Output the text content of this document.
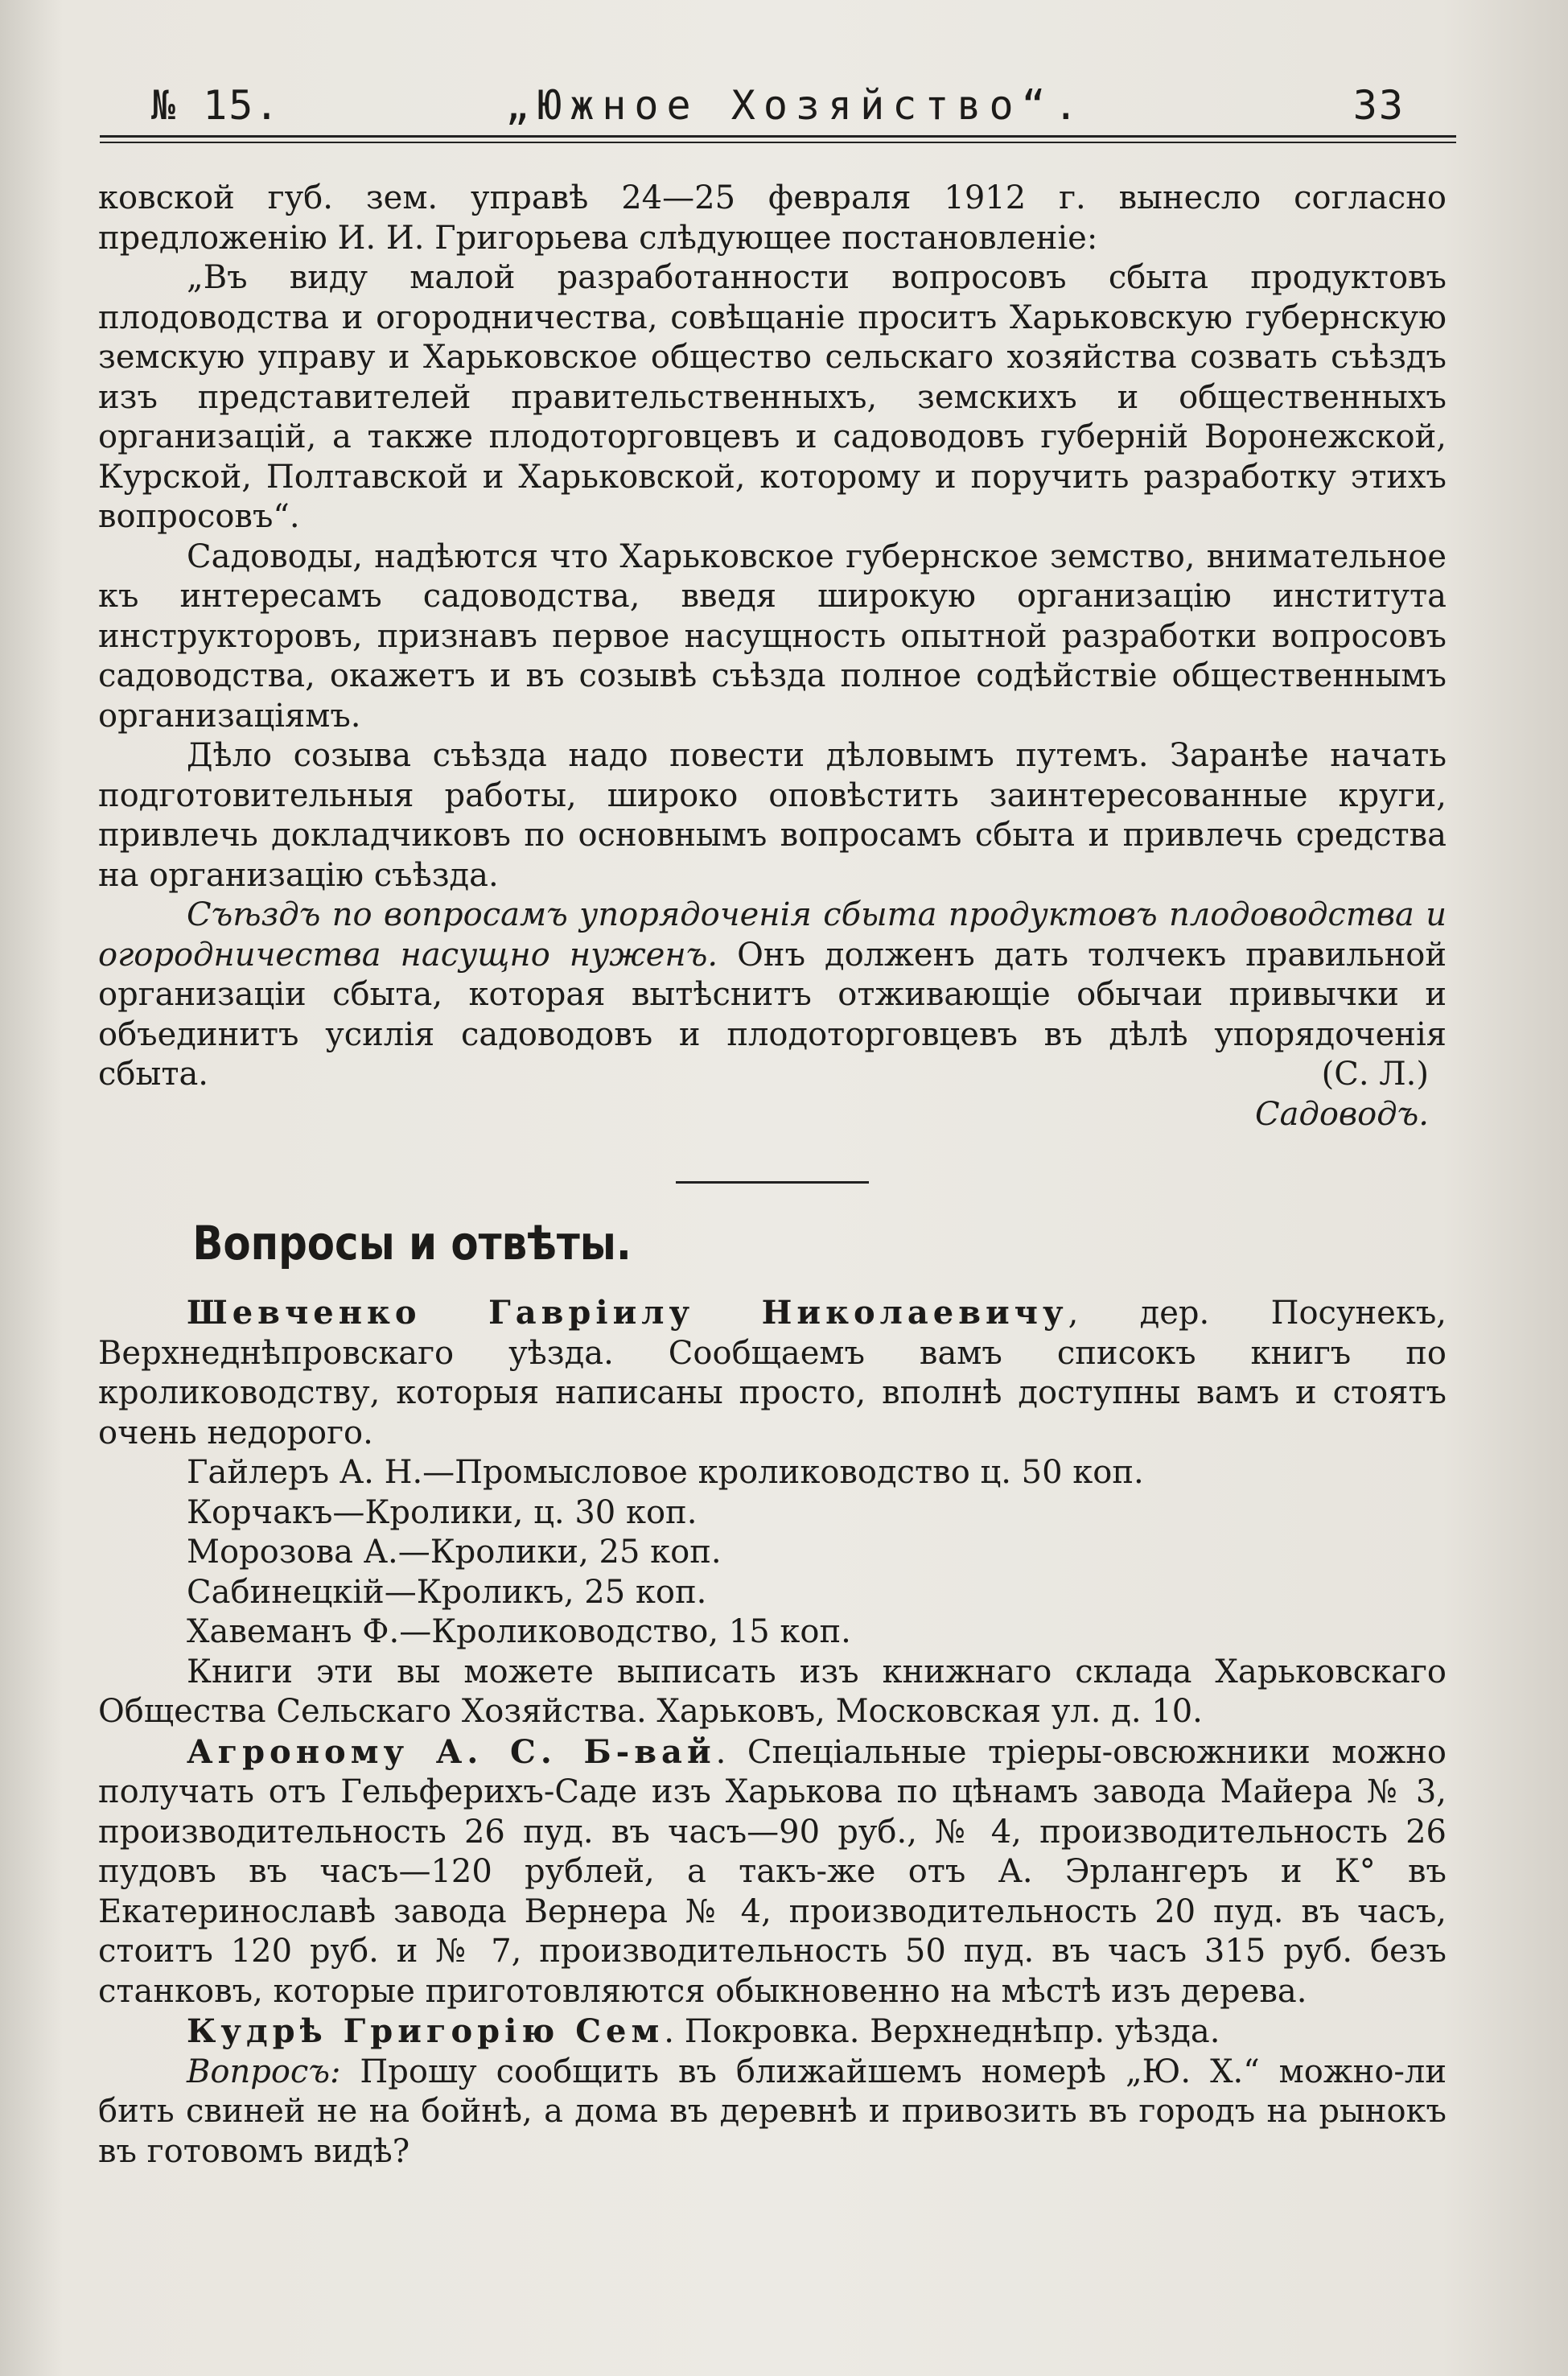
№ 15.	„Южное Хозяйство“.	33

ковской губ. зем. управѣ 24—25 февраля 1912 г. вынесло согласно предложенію И. И. Григорьева слѣдующее постановленіе:

„Въ виду малой разработанности вопросовъ сбыта продуктовъ плодоводства и огородничества, совѣщаніе проситъ Харьковскую губернскую земскую управу и Харьковское общество сельскаго хозяйства созвать съѣздъ изъ представителей правительственныхъ, земскихъ и общественныхъ организацій, а также плодоторговцевъ и садоводовъ губерній Воронежской, Курской, Полтавской и Харьковской, которому и поручить разработку этихъ вопросовъ“.

Садоводы, надѣются что Харьковское губернское земство, внимательное къ интересамъ садоводства, введя широкую организацію института инструкторовъ, признавъ первое насущность опытной разработки вопросовъ садоводства, окажетъ и въ созывѣ съѣзда полное содѣйствіе общественнымъ организаціямъ.

Дѣло созыва съѣзда надо повести дѣловымъ путемъ. Заранѣе начать подготовительныя работы, широко оповѣстить заинтересованные круги, привлечь докладчиковъ по основнымъ вопросамъ сбыта и привлечь средства на организацію съѣзда.

Съѣздъ по вопросамъ упорядоченія сбыта продуктовъ плодоводства и огородничества насущно нуженъ. Онъ долженъ дать толчекъ правильной организаціи сбыта, которая вытѣснитъ отживающіе обычаи привычки и объединитъ усилія садоводовъ и плодоторговцевъ въ дѣлѣ упорядоченія сбыта.	(С. Л.)

Садоводъ.

Вопросы и отвѣты.

Шевченко Гавріилу Николаевичу, дер. Посунекъ, Верхнеднѣпровскаго уѣзда. Сообщаемъ вамъ списокъ книгъ по кролиководству, которыя написаны просто, вполнѣ доступны вамъ и стоятъ очень недорого.

Гайлеръ А. Н.—Промысловое кролиководство ц. 50 коп.

Корчакъ—Кролики, ц. 30 коп.

Морозова А.—Кролики, 25 коп.

Сабинецкій—Кроликъ, 25 коп.

Хавеманъ Ф.—Кролиководство, 15 коп.

Книги эти вы можете выписать изъ книжнаго склада Харьковскаго Общества Сельскаго Хозяйства. Харьковъ, Московская ул. д. 10.

Агроному А. С. Б-вай. Спеціальные тріеры-овсюжники можно получать отъ Гельферихъ-Саде изъ Харькова по цѣнамъ завода Майера № 3, производительность 26 пуд. въ часъ—90 руб., № 4, производительность 26 пудовъ въ часъ—120 рублей, а такъ-же отъ А. Эрлангеръ и К° въ Екатеринославѣ завода Вернера № 4, производительность 20 пуд. въ часъ, стоитъ 120 руб. и № 7, производительность 50 пуд. въ часъ 315 руб. безъ станковъ, которые приготовляются обыкновенно на мѣстѣ изъ дерева.

Кудрѣ Григорію Сем. Покровка. Верхнеднѣпр. уѣзда.

Вопросъ: Прошу сообщить въ ближайшемъ номерѣ „Ю. Х.“ можно-ли бить свиней не на бойнѣ, а дома въ деревнѣ и привозить въ городъ на рынокъ въ готовомъ видѣ?
